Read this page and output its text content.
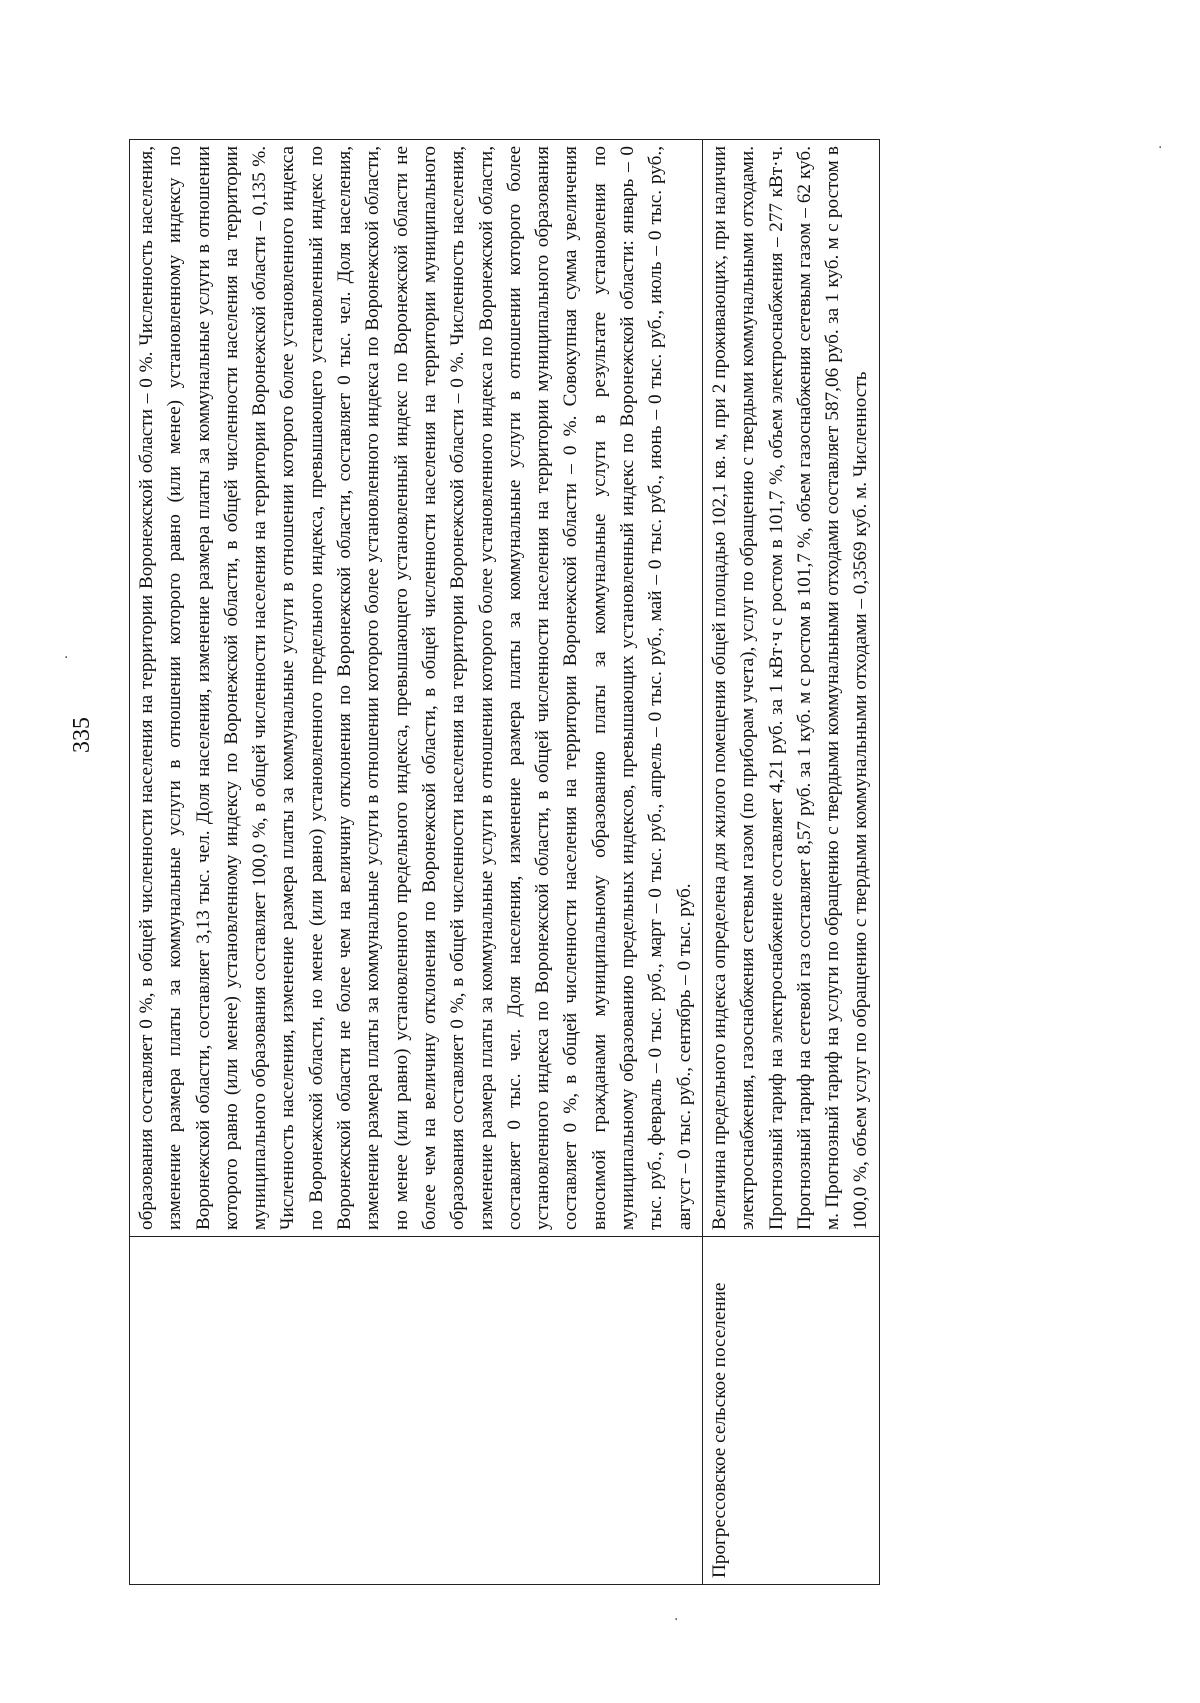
335
	образования составляет 0 %, в общей численности населения на территории Воронежской области – 0 %. Численность населения, изменение размера платы за коммунальные услуги в отношении которого равно (или менее) установленному индексу по Воронежской области, составляет 3,13 тыс. чел. Доля населения, изменение размера платы за коммунальные услуги в отношении которого равно (или менее) установленному индексу по Воронежской области, в общей численности населения на территории муниципального образования составляет 100,0 %, в общей численности населения на территории Воронежской области – 0,135 %. Численность населения, изменение размера платы за коммунальные услуги в отношении которого более установленного индекса по Воронежской области, но менее (или равно) установленного предельного индекса, превышающего установленный индекс по Воронежской области не более чем на величину отклонения по Воронежской области, составляет 0 тыс. чел. Доля населения, изменение размера платы за коммунальные услуги в отношении которого более установленного индекса по Воронежской области, но менее (или равно) установленного предельного индекса, превышающего установленный индекс по Воронежской области не более чем на величину отклонения по Воронежской области, в общей численности населения на территории муниципального образования составляет 0 %, в общей численности населения на территории Воронежской области – 0 %. Численность населения, изменение размера платы за коммунальные услуги в отношении которого более установленного индекса по Воронежской области, составляет 0 тыс. чел. Доля населения, изменение размера платы за коммунальные услуги в отношении которого более установленного индекса по Воронежской области, в общей численности населения на территории муниципального образования составляет 0 %, в общей численности населения на территории Воронежской области – 0 %. Совокупная сумма увеличения вносимой гражданами муниципальному образованию платы за коммунальные услуги в результате установления по муниципальному образованию предельных индексов, превышающих установленный индекс по Воронежской области: январь – 0 тыс. руб., февраль – 0 тыс. руб., март – 0 тыс. руб., апрель – 0 тыс. руб., май – 0 тыс. руб., июнь – 0 тыс. руб., июль – 0 тыс. руб., август – 0 тыс. руб., сентябрь – 0 тыс. руб.
Прогрессовское сельское поселение	Величина предельного индекса определена для жилого помещения общей площадью 102,1 кв. м, при 2 проживающих, при наличии электроснабжения, газоснабжения сетевым газом (по приборам учета), услуг по обращению с твердыми коммунальными отходами. Прогнозный тариф на электроснабжение составляет 4,21 руб. за 1 кВт·ч с ростом в 101,7 %, объем электроснабжения – 277 кВт·ч. Прогнозный тариф на сетевой газ составляет 8,57 руб. за 1 куб. м с ростом в 101,7 %, объем газоснабжения сетевым газом – 62 куб. м. Прогнозный тариф на услуги по обращению с твердыми коммунальными отходами составляет 587,06 руб. за 1 куб. м с ростом в 100,0 %, объем услуг по обращению с твердыми коммунальными отходами – 0,3569 куб. м. Численность
·
·
·
